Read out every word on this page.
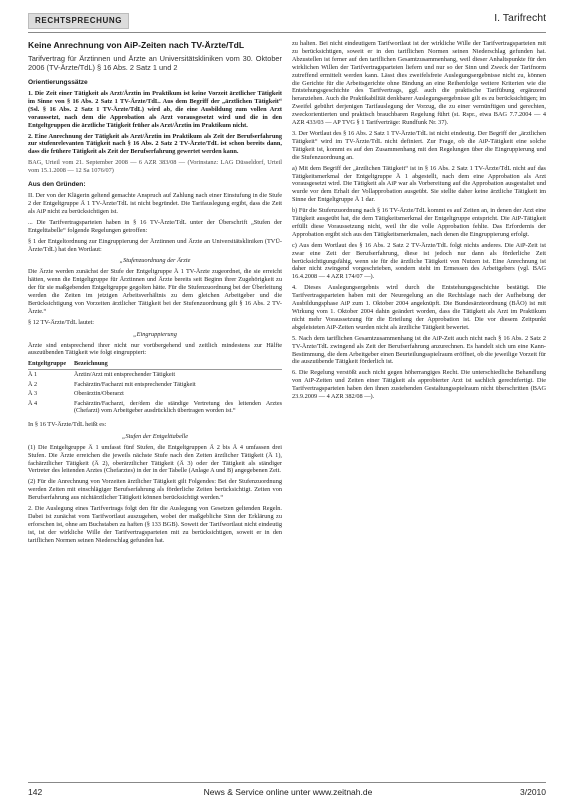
RECHTSPRECHUNG	I. Tarifrecht
Keine Anrechnung von AiP-Zeiten nach TV-Ärzte/TdL
Tarifvertrag für Ärztinnen und Ärzte an Universitätskliniken vom 30. Oktober 2006 (TV-Ärzte/TdL) § 16 Abs. 2 Satz 1 und 2
Orientierungssätze

1. Die Zeit einer Tätigkeit als Arzt/Ärztin im Praktikum ist keine Vorzeit ärztlicher Tätigkeit im Sinne von § 16 Abs. 2 Satz 1 TV-Ärzte/TdL. Aus dem Begriff der „ärztlichen Tätigkeit“ (Ssl. § 16 Abs. 2 Satz 1 TV-Ärzte/TdL) wird ab, die eine Ausbildung zum vollen Arzt voraussetzt, nach dem die Approbation als Arzt vorausgesetzt wird und die in den Entgeltgruppen die ärztliche Tätigkeit früher als Arzt/Ärztin im Praktikum nicht.

2. Eine Anrechnung der Tätigkeit als Arzt/Ärztin im Praktikum als Zeit der Berufserfahrung zur stufenrelevanten Tätigkeit nach § 16 Abs. 2 Satz 2 TV-Ärzte/TdL ist schon bereits dann, dass die frühere Tätigkeit als Zeit der Berufserfahrung gewertet werden kann.

BAG, Urteil vom 21. September 2008 — 6 AZR 383/08 — (Vorinstanz: LAG Düsseldorf, Urteil vom 15.1.2008 — 12 Sa 1076/07)

Aus den Gründen:

II. Der von der Klägerin geltend gemachte Anspruch auf Zahlung nach einer Einstufung in die Stufe 2 der Entgeltgruppe Ä 1 TV-Ärzte/TdL ist nicht begründet. Die Tarifauslegung ergibt, dass die Zeit als AiP nicht zu berücksichtigen ist.

... Die Tarifvertragsparteien haben in § 16 TV-Ärzte/TdL unter der Überschrift „Stufen der Entgelttabelle“ folgende Regelungen getroffen:

§ 1 der Entgeltordnung zur Eingruppierung der Ärztinnen und Ärzte an Universitätskliniken (TVÜ-Ärzte/TdL) hat den Wortlaut:

„Stufenzuordnung der Ärzte

Die Ärzte werden zunächst der Stufe der Entgeltgruppe Ä 1 TV-Ärzte zugeordnet, die sie erreicht hätten, wenn die Entgeltgruppe für Ärztinnen und Ärzte bereits seit Beginn ihrer Zugehörigkeit zu der für sie maßgebenden Entgeltgruppe gegolten hätte. Für die Stufenzuordnung bei der Überleitung werden die Zeiten im jetzigen Arbeitsverhältnis zu dem gleichen Arbeitgeber und die Berücksichtigung von Vorzeiten ärztlicher Tätigkeit bei der Stufenzuordnung gilt § 16 Abs. 2 TV-Ärzte.“

§ 12 TV-Ärzte/TdL lautet:

„Eingruppierung

Ärzte sind entsprechend ihrer nicht nur vorübergehend und zeitlich mindestens zur Hälfte auszuübenden Tätigkeit wie folgt eingruppiert:

Entgeltgruppe	Bezeichnung
Ä 1	Ärztin/Arzt mit entsprechender Tätigkeit
Ä 2	Fachärztin/Facharzt mit entsprechender Tätigkeit
Ä 3	Oberärztin/Oberarzt
Ä 4	Fachärztin/Facharzt, der/dem die ständige Vertretung des leitenden Arztes (Chefarzt) vom Arbeitgeber ausdrücklich übertragen worden ist.“

In § 16 TV-Ärzte/TdL heißt es:

„Stufen der Entgelttabelle

(1) Die Entgeltgruppe Ä 1 umfasst fünf Stufen, die Entgeltgruppen Ä 2 bis Ä 4 umfassen drei Stufen. Die Ärzte erreichen die jeweils nächste Stufe nach den Zeiten ärztlicher Tätigkeit (Ä 1), fachärztlicher Tätigkeit (Ä 2), oberärztlicher Tätigkeit (Ä 3) oder der Tätigkeit als ständiger Vertreter des leitenden Arztes (Chefarztes) in der in der Tabelle (Anlage A und B) angegebenen Zeit.

(2) Für die Anrechnung von Vorzeiten ärztlicher Tätigkeit gilt Folgendes: Bei der Stufenzuordnung werden Zeiten mit einschlägiger Berufserfahrung als förderliche Zeiten berücksichtigt. Zeiten von Berufserfahrung aus nichtärztlicher Tätigkeit können berücksichtigt werden.“

2. Die Auslegung eines Tarifvertrags folgt den für die Auslegung von Gesetzen geltenden Regeln. Dabei ist zunächst vom Tarifwortlaut auszugehen, wobei der maßgebliche Sinn der Erklärung zu erforschen ist, ohne am Buchstaben zu haften (§ 133 BGB). Soweit der Tarifwortlaut nicht eindeutig ist, ist der wirkliche Wille der Tarifvertragsparteien mit zu berücksichtigen, soweit er in den tariflichen Normen seinen Niederschlag gefunden hat.

zu halten. Bei nicht eindeutigem Tarifwortlaut ist der wirkliche Wille der Tarifvertragsparteien mit zu berücksichtigen, soweit er in den tariflichen Normen seinen Niederschlag gefunden hat. Abzustellen ist ferner auf den tariflichen Gesamtzusammenhang, weil dieser Anhaltspunkte für den wirklichen Willen der Tarifvertragsparteien liefern und nur so der Sinn und Zweck der Tarifnorm zutreffend ermittelt werden kann. Lässt dies zweifelsfreie Auslegungsergebnisse nicht zu, können die Gerichte für die Arbeitsgerichte ohne Bindung an eine Reihenfolge weitere Kriterien wie die Entstehungsgeschichte des Tarifvertrags, ggf. auch die praktische Tarifübung ergänzend heranziehen. Auch die Praktikabilität denkbarer Auslegungsergebnisse gilt es zu berücksichtigen; im Zweifel gebührt derjenigen Tarifauslegung der Vorzug, die zu einer vernünftigen und gerechten, zweckorientierten und praktisch brauchbaren Regelung führt (st. Rspr., etwa BAG 7.7.2004 — 4 AZR 433/03 — AP TVG § 1 Tarifverträge: Rundfunk Nr. 37).

3. Der Wortlaut des § 16 Abs. 2 Satz 1 TV-Ärzte/TdL ist nicht eindeutig. Der Begriff der „ärztlichen Tätigkeit“ wird im TV-Ärzte/TdL nicht definiert. Zur Frage, ob die AiP-Tätigkeit eine solche Tätigkeit ist, kommt es auf den Zusammenhang mit den Regelungen über die Eingruppierung und die Stufenzuordnung an.

a) Mit dem Begriff der „ärztlichen Tätigkeit“ ist in § 16 Abs. 2 Satz 1 TV-Ärzte/TdL nicht auf das Tätigkeitsmerkmal der Entgeltgruppe Ä 1 abgestellt, nach dem eine Approbation als Arzt vorausgesetzt wird. Die Tätigkeit als AiP war als Vorbereitung auf die Approbation ausgestaltet und wurde vor dem Erhalt der Vollapprobation ausgeübt. Sie stellte daher keine ärztliche Tätigkeit im Sinne der Entgeltgruppe Ä 1 dar.

b) Für die Stufenzuordnung nach § 16 TV-Ärzte/TdL kommt es auf Zeiten an, in denen der Arzt eine Tätigkeit ausgeübt hat, die dem Tätigkeitsmerkmal der Entgeltgruppe entspricht. Die AiP-Tätigkeit erfüllt diese Voraussetzung nicht, weil ihr die volle Approbation fehlte. Das Erfordernis der Approbation ergibt sich aus den Tätigkeitsmerkmalen, nach denen die Eingruppierung erfolgt.

c) Aus dem Wortlaut des § 16 Abs. 2 Satz 2 TV-Ärzte/TdL folgt nichts anderes. Die AiP-Zeit ist zwar eine Zeit der Berufserfahrung, diese ist jedoch nur dann als förderliche Zeit berücksichtigungsfähig, wenn sie für die ärztliche Tätigkeit von Nutzen ist. Eine Anrechnung ist daher nicht zwingend vorgeschrieben, sondern steht im Ermessen des Arbeitgebers (vgl. BAG 16.4.2008 — 4 AZR 174/07 —).

4. Dieses Auslegungsergebnis wird durch die Entstehungsgeschichte bestätigt. Die Tarifvertragsparteien haben mit der Neuregelung an die Rechtslage nach der Aufhebung der Ausbildungsphase AiP zum 1. Oktober 2004 angeknüpft. Die Bundesärzteordnung (BÄO) ist mit Wirkung vom 1. Oktober 2004 dahin geändert worden, dass die Tätigkeit als Arzt im Praktikum nicht mehr Voraussetzung für die Erteilung der Approbation ist. Die vor diesem Zeitpunkt abgeleisteten AiP-Zeiten wurden nicht als ärztliche Tätigkeit bewertet.

5. Nach dem tariflichen Gesamtzusammenhang ist die AiP-Zeit auch nicht nach § 16 Abs. 2 Satz 2 TV-Ärzte/TdL zwingend als Zeit der Berufserfahrung anzurechnen. Es handelt sich um eine Kann-Bestimmung, die dem Arbeitgeber einen Beurteilungsspielraum eröffnet, ob die jeweilige Vorzeit für die auszuübende Tätigkeit förderlich ist.

6. Die Regelung verstößt auch nicht gegen höherrangiges Recht. Die unterschiedliche Behandlung von AiP-Zeiten und Zeiten einer Tätigkeit als approbierter Arzt ist sachlich gerechtfertigt. Die Tarifvertragsparteien haben den ihnen zustehenden Gestaltungsspielraum nicht überschritten (BAG 23.9.2009 — 4 AZR 382/08 —).

142	News & Service online unter www.zeitnah.de	3/2010
